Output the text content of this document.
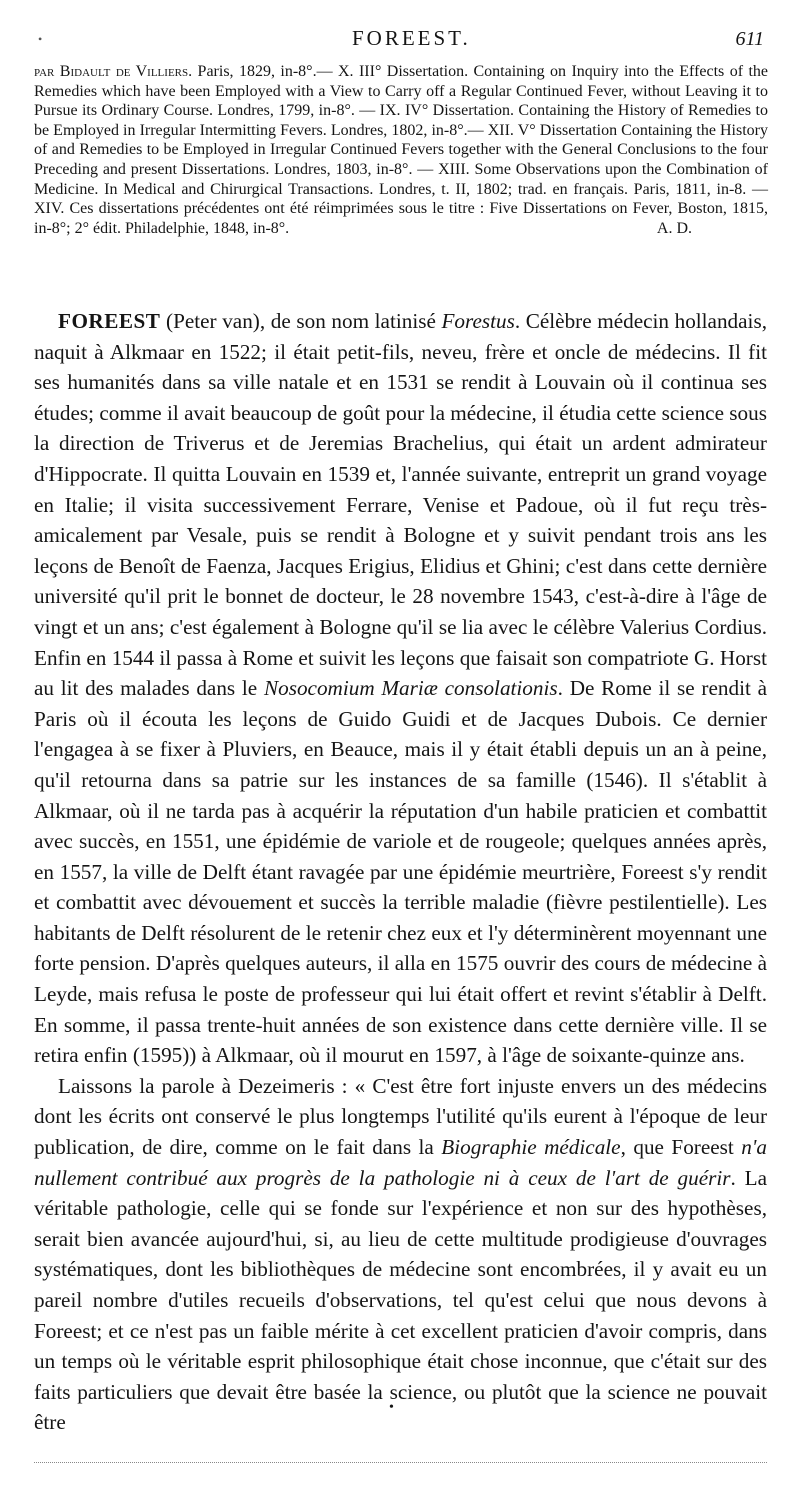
•	FOREEST.	611
par Bidault de Villiers. Paris, 1829, in-8°.— X. III° Dissertation. Containing on Inquiry into the Effects of the Remedies which have been Employed with a View to Carry off a Regular Continued Fever, without Leaving it to Pursue its Ordinary Course. Londres, 1799, in-8°. — IX. IV° Dissertation. Containing the History of Remedies to be Employed in Irregular Intermitting Fevers. Londres, 1802, in-8°.— XII. V° Dissertation Containing the History of and Remedies to be Employed in Irregular Continued Fevers together with the General Conclusions to the four Preceding and present Dissertations. Londres, 1803, in-8°. — XIII. Some Observations upon the Combination of Medicine. In Medical and Chirurgical Transactions. Londres, t. II, 1802; trad. en français. Paris, 1811, in-8. — XIV. Ces dissertations précédentes ont été réimprimées sous le titre : Five Dissertations on Fever, Boston, 1815, in-8°; 2° édit. Philadelphie, 1848, in-8°.	A. D.

FOREEST (Peter van), de son nom latinisé Forestus. Célèbre médecin hollandais, naquit à Alkmaar en 1522; il était petit-fils, neveu, frère et oncle de médecins. Il fit ses humanités dans sa ville natale et en 1531 se rendit à Louvain où il continua ses études; comme il avait beaucoup de goût pour la médecine, il étudia cette science sous la direction de Triverus et de Jeremias Brachelius, qui était un ardent admirateur d'Hippocrate. Il quitta Louvain en 1539 et, l'année suivante, entreprit un grand voyage en Italie; il visita successivement Ferrare, Venise et Padoue, où il fut reçu très-amicalement par Vesale, puis se rendit à Bologne et y suivit pendant trois ans les leçons de Benoît de Faenza, Jacques Erigius, Elidius et Ghini; c'est dans cette dernière université qu'il prit le bonnet de docteur, le 28 novembre 1543, c'est-à-dire à l'âge de vingt et un ans; c'est également à Bologne qu'il se lia avec le célèbre Valerius Cordius. Enfin en 1544 il passa à Rome et suivit les leçons que faisait son compatriote G. Horst au lit des malades dans le Nosocomium Mariæ consolationis. De Rome il se rendit à Paris où il écouta les leçons de Guido Guidi et de Jacques Dubois. Ce dernier l'engagea à se fixer à Pluviers, en Beauce, mais il y était établi depuis un an à peine, qu'il retourna dans sa patrie sur les instances de sa famille (1546). Il s'établit à Alkmaar, où il ne tarda pas à acquérir la réputation d'un habile praticien et combattit avec succès, en 1551, une épidémie de variole et de rougeole; quelques années après, en 1557, la ville de Delft étant ravagée par une épidémie meurtrière, Foreest s'y rendit et combattit avec dévouement et succès la terrible maladie (fièvre pestilentielle). Les habitants de Delft résolurent de le retenir chez eux et l'y déterminèrent moyennant une forte pension. D'après quelques auteurs, il alla en 1575 ouvrir des cours de médecine à Leyde, mais refusa le poste de professeur qui lui était offert et revint s'établir à Delft. En somme, il passa trente-huit années de son existence dans cette dernière ville. Il se retira enfin (1595)) à Alkmaar, où il mourut en 1597, à l'âge de soixante-quinze ans.

Laissons la parole à Dezeimeris : « C'est être fort injuste envers un des médecins dont les écrits ont conservé le plus longtemps l'utilité qu'ils eurent à l'époque de leur publication, de dire, comme on le fait dans la Biographie médicale, que Foreest n'a nullement contribué aux progrès de la pathologie ni à ceux de l'art de guérir. La véritable pathologie, celle qui se fonde sur l'expérience et non sur des hypothèses, serait bien avancée aujourd'hui, si, au lieu de cette multitude prodigieuse d'ouvrages systématiques, dont les bibliothèques de médecine sont encombrées, il y avait eu un pareil nombre d'utiles recueils d'observations, tel qu'est celui que nous devons à Foreest; et ce n'est pas un faible mérite à cet excellent praticien d'avoir compris, dans un temps où le véritable esprit philosophique était chose inconnue, que c'était sur des faits particuliers que devait être basée la science, ou plutôt que la science ne pouvait être

•
